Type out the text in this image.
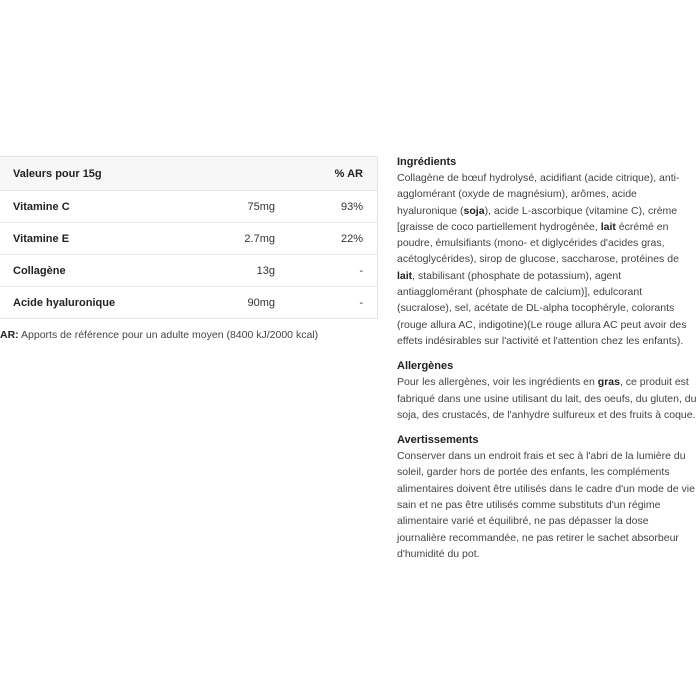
Valeurs pour 15g		% AR
Vitamine C	75mg	93%
Vitamine E	2.7mg	22%
Collagène	13g	-
Acide hyaluronique	90mg	-
AR: Apports de référence pour un adulte moyen (8400 kJ/2000 kcal)
Ingrédients

Collagène de bœuf hydrolysé, acidifiant (acide citrique), anti-agglomérant (oxyde de magnésium), arômes, acide hyaluronique (soja), acide L-ascorbique (vitamine C), crème [graisse de coco partiellement hydrogénée, lait écrémé en poudre, émulsifiants (mono- et diglycérides d'acides gras, acétoglycérides), sirop de glucose, saccharose, protéines de lait, stabilisant (phosphate de potassium), agent antiagglomérant (phosphate de calcium)], edulcorant (sucralose), sel, acétate de DL-alpha tocophéryle, colorants (rouge allura AC, indigotine)(Le rouge allura AC peut avoir des effets indésirables sur l'activité et l'attention chez les enfants).

Allergènes

Pour les allergènes, voir les ingrédients en gras, ce produit est fabriqué dans une usine utilisant du lait, des oeufs, du gluten, du soja, des crustacés, de l'anhydre sulfureux et des fruits à coque.

Avertissements

Conserver dans un endroit frais et sec à l'abri de la lumière du soleil, garder hors de portée des enfants, les compléments alimentaires doivent être utilisés dans le cadre d'un mode de vie sain et ne pas être utilisés comme substituts d'un régime alimentaire varié et équilibré, ne pas dépasser la dose journalière recommandée, ne pas retirer le sachet absorbeur d'humidité du pot.
